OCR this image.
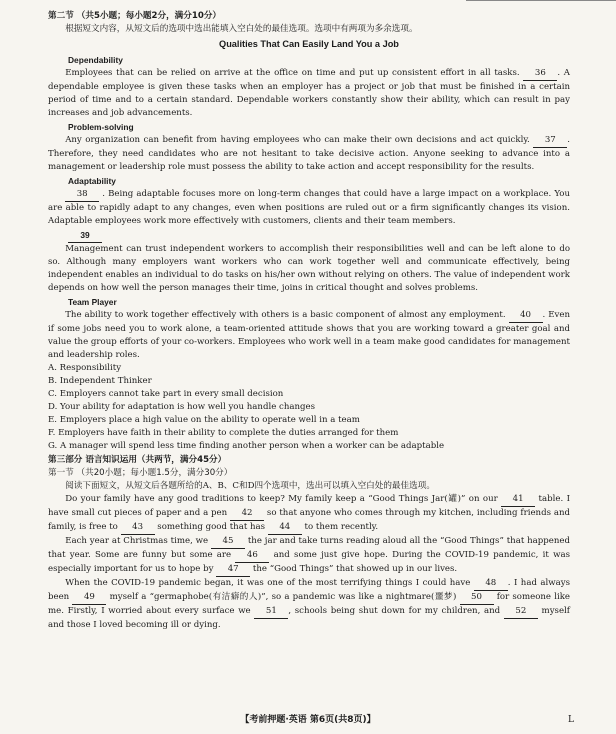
第二节 （共5小题；每小题2分，满分10分）

根据短文内容，从短文后的选项中选出能填入空白处的最佳选项。选项中有两项为多余选项。

Qualities That Can Easily Land You a Job
Dependability

Employees that can be relied on arrive at the office on time and put up consistent effort in all tasks. 36 . A dependable employee is given these tasks when an employer has a project or job that must be finished in a certain period of time and to a certain standard. Dependable workers constantly show their ability, which can result in pay increases and job advancements.

Problem-solving

Any organization can benefit from having employees who can make their own decisions and act quickly. 37 . Therefore, they need candidates who are not hesitant to take decisive action. Anyone seeking to advance into a management or leadership role must possess the ability to take action and accept responsibility for the results.

Adaptability

38 . Being adaptable focuses more on long-term changes that could have a large impact on a workplace. You are able to rapidly adapt to any changes, even when positions are ruled out or a firm significantly changes its vision. Adaptable employees work more effectively with customers, clients and their team members.

39

Management can trust independent workers to accomplish their responsibilities well and can be left alone to do so. Although many employers want workers who can work together well and communicate effectively, being independent enables an individual to do tasks on his/her own without relying on others. The value of independent work depends on how well the person manages their time, joins in critical thought and solves problems.

Team Player

The ability to work together effectively with others is a basic component of almost any employment. 40 . Even if some jobs need you to work alone, a team-oriented attitude shows that you are working toward a greater goal and value the group efforts of your co-workers. Employees who work well in a team make good candidates for management and leadership roles.

A. Responsibility
B. Independent Thinker
C. Employers cannot take part in every small decision
D. Your ability for adaptation is how well you handle changes
E. Employers place a high value on the ability to operate well in a team
F. Employers have faith in their ability to complete the duties arranged for them
G. A manager will spend less time finding another person when a worker can be adaptable

第三部分 语言知识运用（共两节，满分45分）

第一节 （共20小题；每小题1.5分，满分30分）

阅读下面短文，从短文后各题所给的A、B、C和D四个选项中，选出可以填入空白处的最佳选项。

Do your family have any good traditions to keep? My family keep a “Good Things Jar(罐)” on our 41 table. I have small cut pieces of paper and a pen 42 so that anyone who comes through my kitchen, including friends and family, is free to 43 something good that has 44 to them recently.

Each year at Christmas time, we 45 the jar and take turns reading aloud all the “Good Things” that happened that year. Some are funny but some are 46 and some just give hope. During the COVID-19 pandemic, it was especially important for us to hope by 47 the “Good Things” that showed up in our lives.

When the COVID-19 pandemic began, it was one of the most terrifying things I could have 48 . I had always been 49 myself a “germaphobe(有洁癖的人)”, so a pandemic was like a nightmare(噩梦) 50 for someone like me. Firstly, I worried about every surface we 51 , schools being shut down for my children, and 52 myself and those I loved becoming ill or dying.

【考前押题·英语 第6页(共8页)】	L
